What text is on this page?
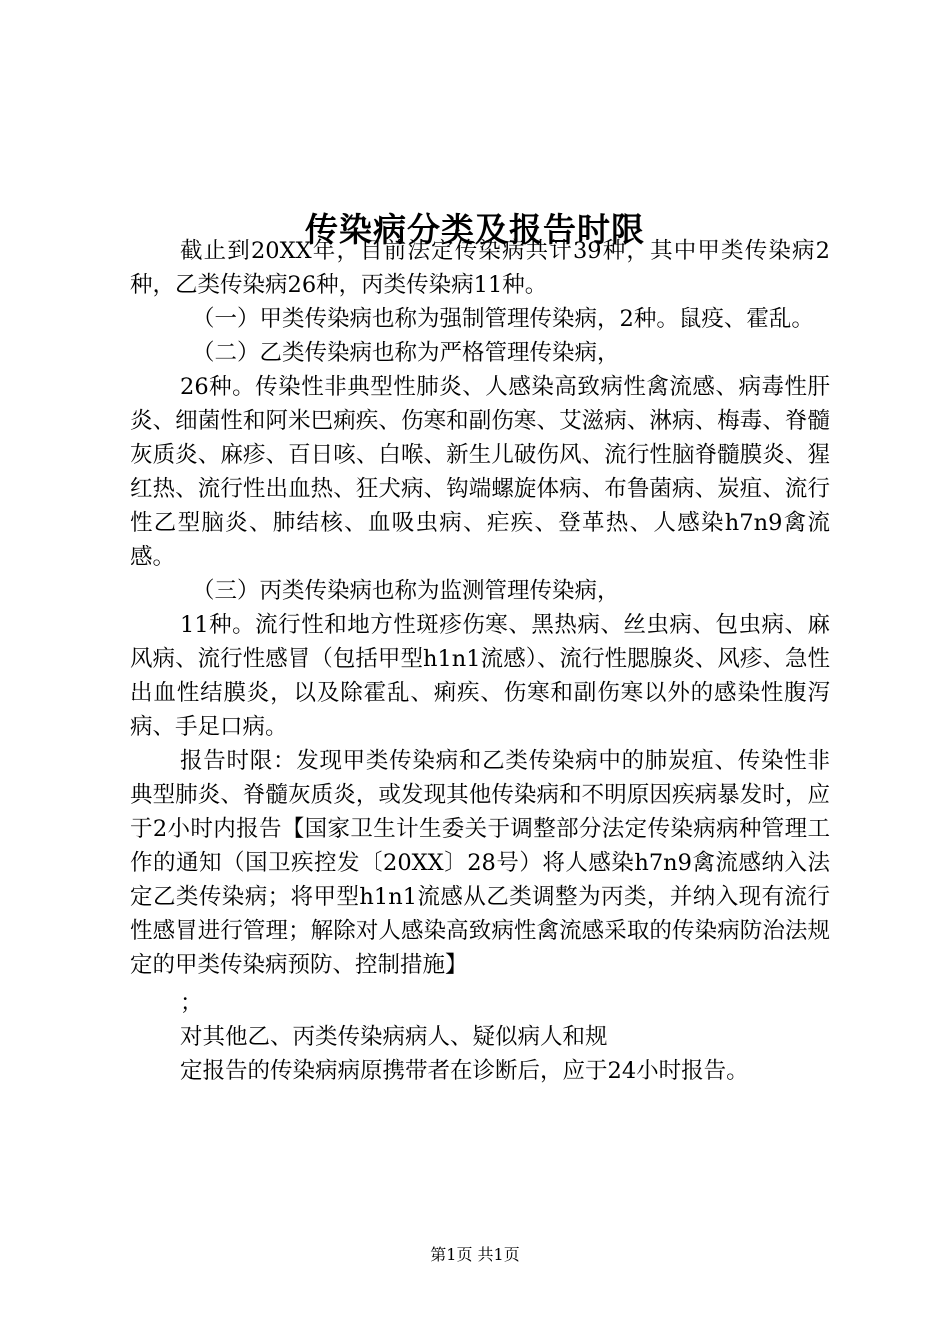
传染病分类及报告时限

截止到20XX年，目前法定传染病共计39种，其中甲类传染病2种，乙类传染病26种，丙类传染病11种。

（一）甲类传染病也称为强制管理传染病，2种。鼠疫、霍乱。

（二）乙类传染病也称为严格管理传染病，

26种。传染性非典型性肺炎、人感染高致病性禽流感、病毒性肝炎、细菌性和阿米巴痢疾、伤寒和副伤寒、艾滋病、淋病、梅毒、脊髓灰质炎、麻疹、百日咳、白喉、新生儿破伤风、流行性脑脊髓膜炎、猩红热、流行性出血热、狂犬病、钩端螺旋体病、布鲁菌病、炭疽、流行性乙型脑炎、肺结核、血吸虫病、疟疾、登革热、人感染h7n9禽流感。

（三）丙类传染病也称为监测管理传染病，

11种。流行性和地方性斑疹伤寒、黑热病、丝虫病、包虫病、麻风病、流行性感冒（包括甲型h1n1流感）、流行性腮腺炎、风疹、急性出血性结膜炎，以及除霍乱、痢疾、伤寒和副伤寒以外的感染性腹泻病、手足口病。

报告时限：发现甲类传染病和乙类传染病中的肺炭疽、传染性非典型肺炎、脊髓灰质炎，或发现其他传染病和不明原因疾病暴发时，应于2小时内报告【国家卫生计生委关于调整部分法定传染病病种管理工作的通知（国卫疾控发〔20XX〕28号）将人感染h7n9禽流感纳入法定乙类传染病；将甲型h1n1流感从乙类调整为丙类，并纳入现有流行性感冒进行管理；解除对人感染高致病性禽流感采取的传染病防治法规定的甲类传染病预防、控制措施】

；

对其他乙、丙类传染病病人、疑似病人和规

定报告的传染病病原携带者在诊断后，应于24小时报告。

第1页 共1页
